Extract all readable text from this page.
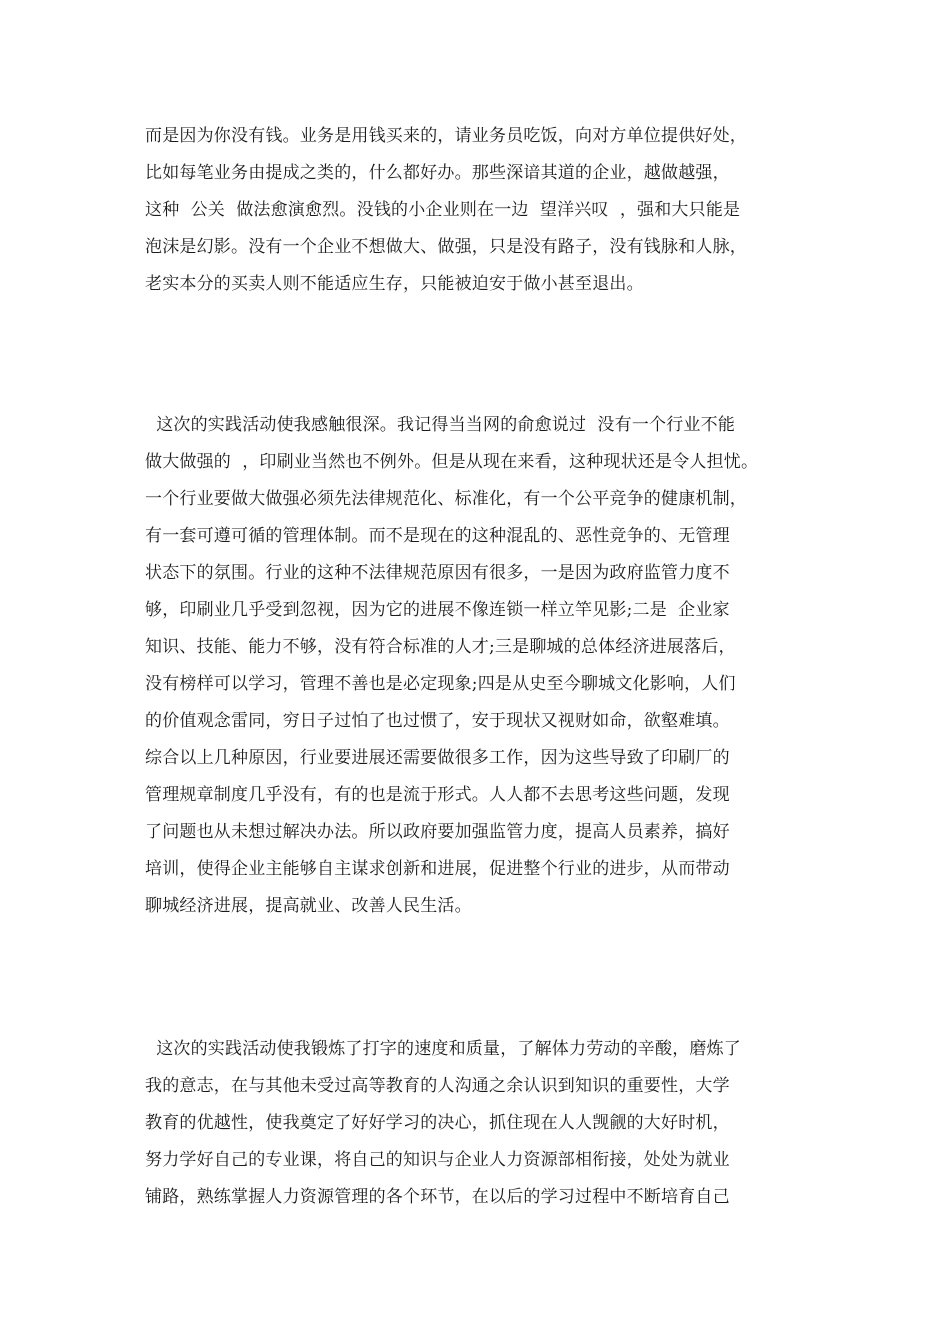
而是因为你没有钱。业务是用钱买来的，请业务员吃饭，向对方单位提供好处，
比如每笔业务由提成之类的，什么都好办。那些深谙其道的企业，越做越强，
这种  公关  做法愈演愈烈。没钱的小企业则在一边  望洋兴叹  ，强和大只能是
泡沫是幻影。没有一个企业不想做大、做强，只是没有路子，没有钱脉和人脉，
老实本分的买卖人则不能适应生存，只能被迫安于做小甚至退出。
这次的实践活动使我感触很深。我记得当当网的俞愈说过  没有一个行业不能
做大做强的  ，印刷业当然也不例外。但是从现在来看，这种现状还是令人担忧。
一个行业要做大做强必须先法律规范化、标准化，有一个公平竞争的健康机制，
有一套可遵可循的管理体制。而不是现在的这种混乱的、恶性竞争的、无管理
状态下的氛围。行业的这种不法律规范原因有很多，一是因为政府监管力度不
够，印刷业几乎受到忽视，因为它的进展不像连锁一样立竿见影;二是  企业家
知识、技能、能力不够，没有符合标准的人才;三是聊城的总体经济进展落后，
没有榜样可以学习，管理不善也是必定现象;四是从史至今聊城文化影响，人们
的价值观念雷同，穷日子过怕了也过惯了，安于现状又视财如命，欲壑难填。
综合以上几种原因，行业要进展还需要做很多工作，因为这些导致了印刷厂的
管理规章制度几乎没有，有的也是流于形式。人人都不去思考这些问题，发现
了问题也从未想过解决办法。所以政府要加强监管力度，提高人员素养，搞好
培训，使得企业主能够自主谋求创新和进展，促进整个行业的进步，从而带动
聊城经济进展，提高就业、改善人民生活。
这次的实践活动使我锻炼了打字的速度和质量，了解体力劳动的辛酸，磨炼了
我的意志，在与其他未受过高等教育的人沟通之余认识到知识的重要性，大学
教育的优越性，使我奠定了好好学习的决心，抓住现在人人觊觎的大好时机，
努力学好自己的专业课，将自己的知识与企业人力资源部相衔接，处处为就业
铺路，熟练掌握人力资源管理的各个环节，在以后的学习过程中不断培育自己
